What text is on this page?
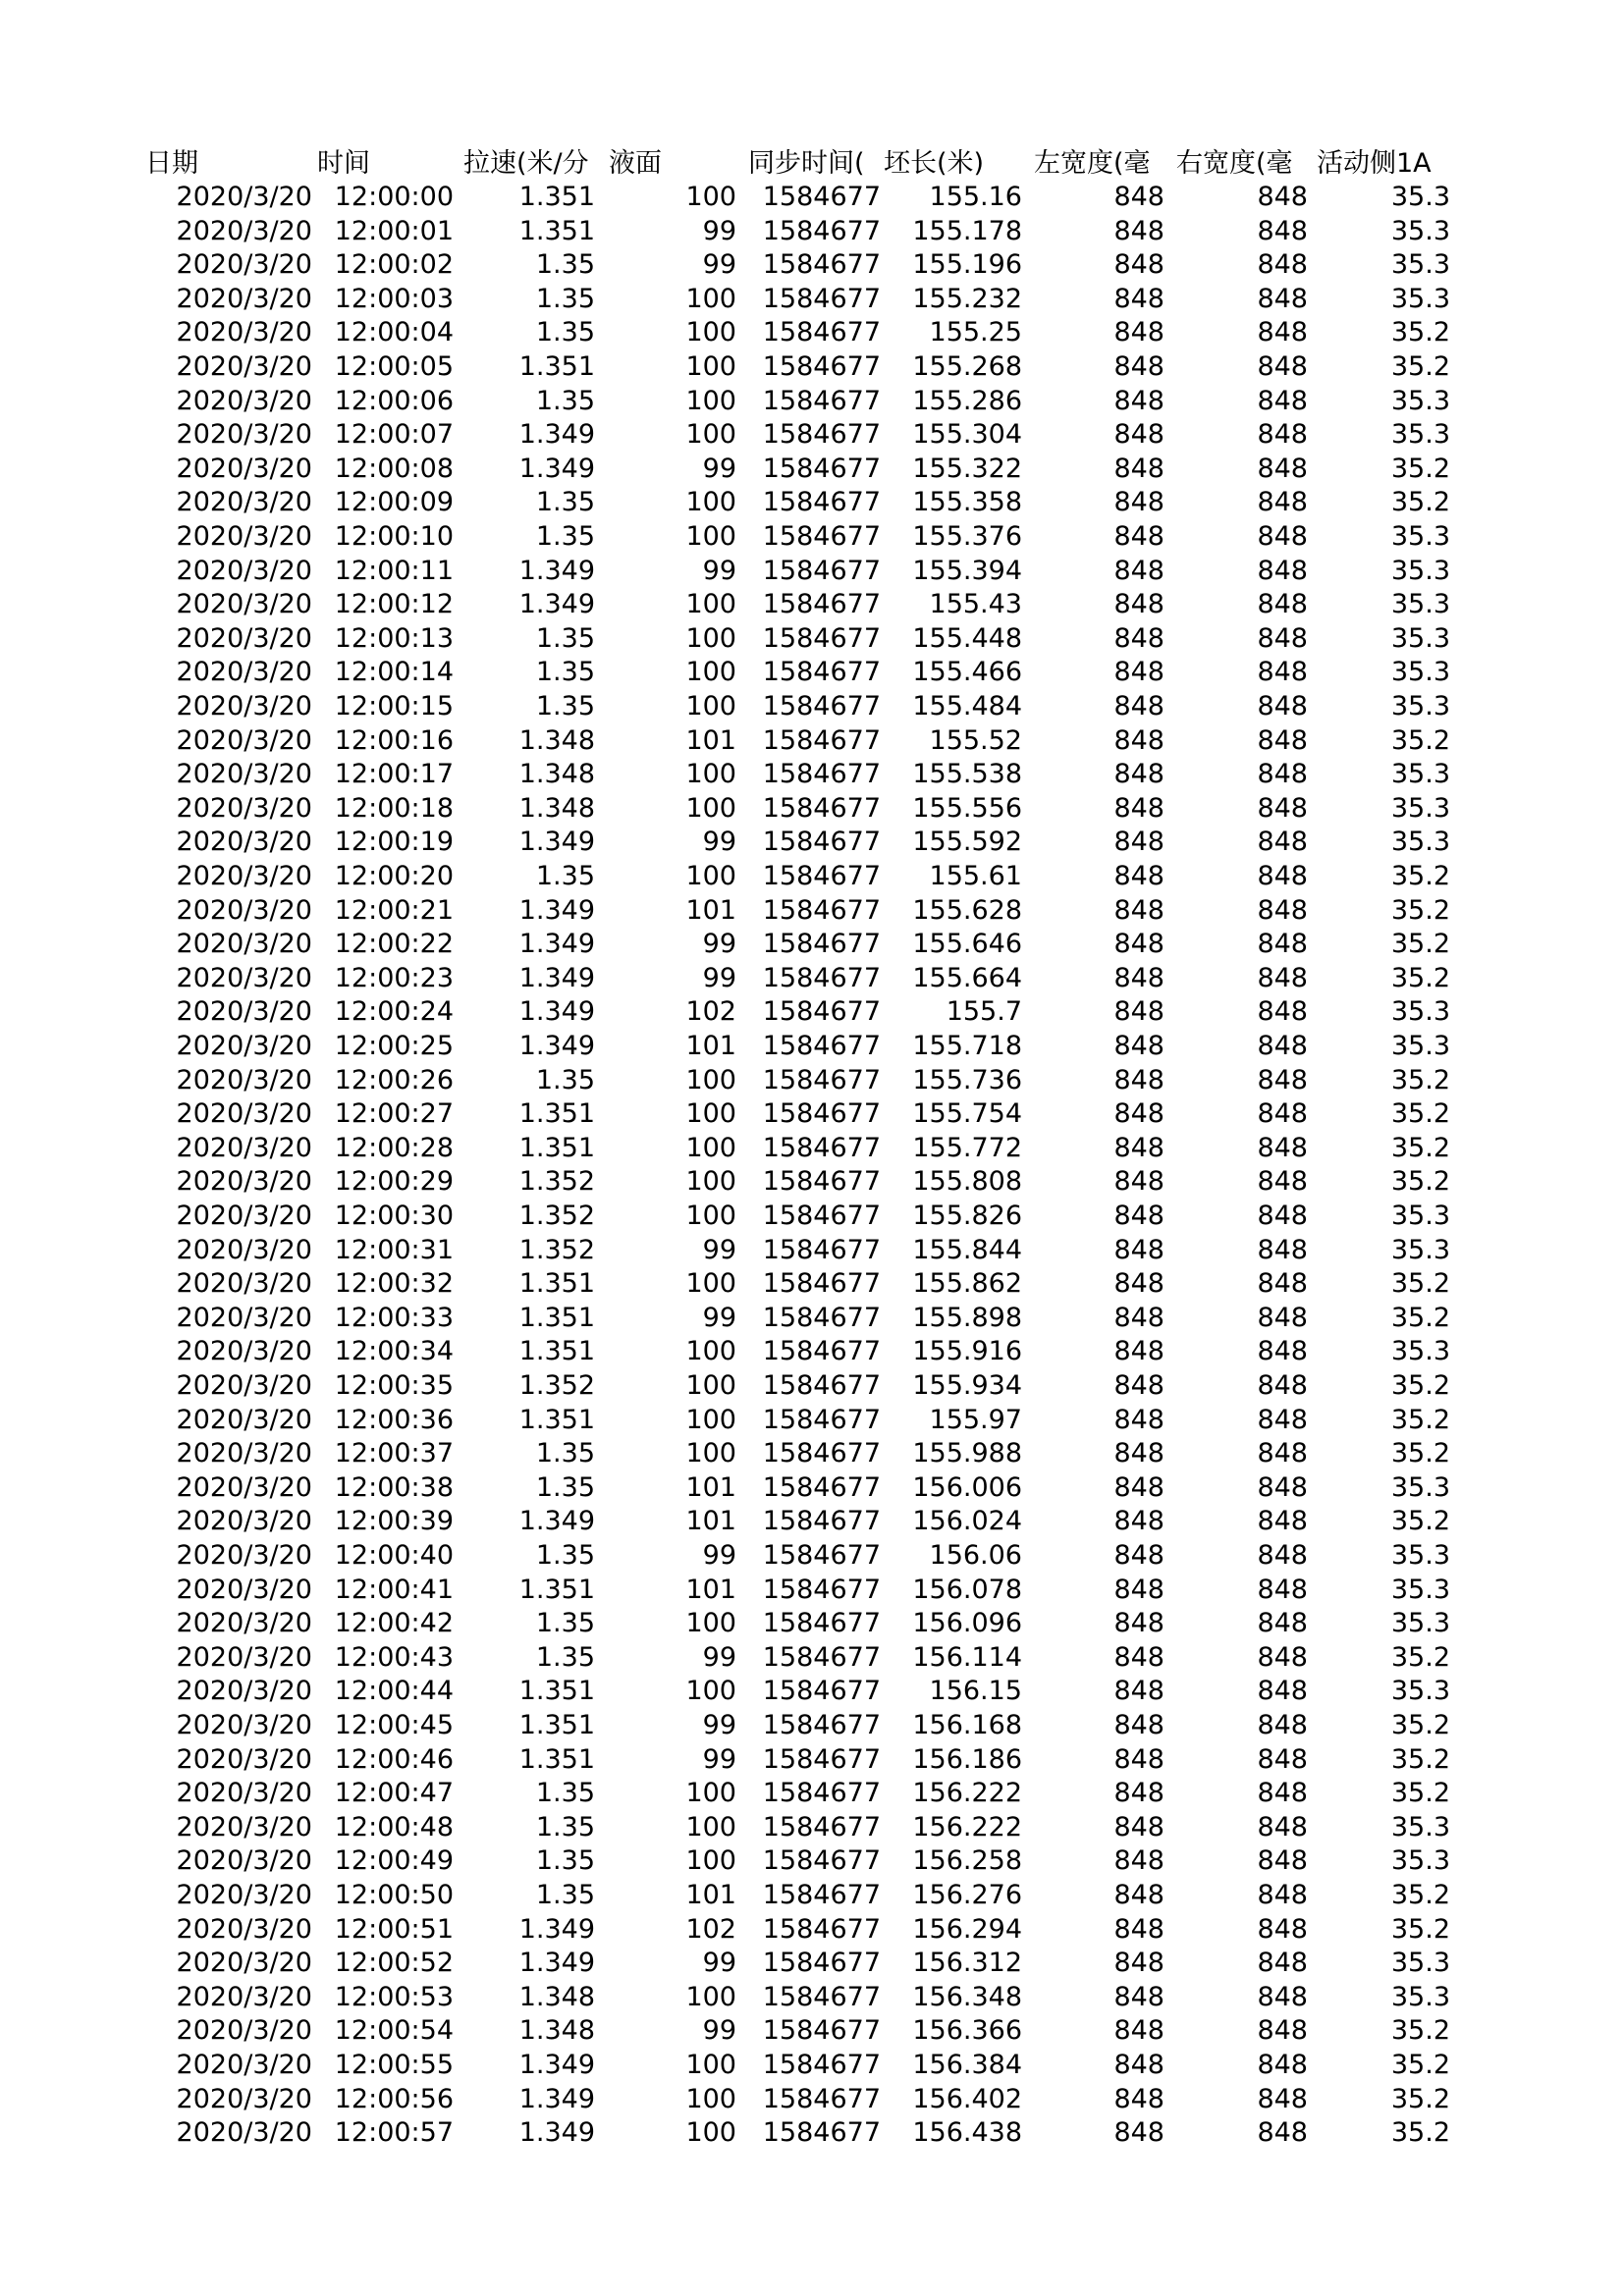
日期	时间	拉速(米/分 液面	同步时间( 坯长(米)	左宽度(毫 右宽度(毫 活动侧1A
2020/3/20 12:00:00	1.351	100 1584677	155.16	848	848	35.3
2020/3/20 12:00:01	1.351	99 1584677	155.178	848	848	35.3
2020/3/20 12:00:02	1.35	99 1584677	155.196	848	848	35.3
2020/3/20 12:00:03	1.35	100 1584677	155.232	848	848	35.3
2020/3/20 12:00:04	1.35	100 1584677	155.25	848	848	35.2
2020/3/20 12:00:05	1.351	100 1584677	155.268	848	848	35.2
2020/3/20 12:00:06	1.35	100 1584677	155.286	848	848	35.3
2020/3/20 12:00:07	1.349	100 1584677	155.304	848	848	35.3
2020/3/20 12:00:08	1.349	99 1584677	155.322	848	848	35.2
2020/3/20 12:00:09	1.35	100 1584677	155.358	848	848	35.2
2020/3/20 12:00:10	1.35	100 1584677	155.376	848	848	35.3
2020/3/20 12:00:11	1.349	99 1584677	155.394	848	848	35.3
2020/3/20 12:00:12	1.349	100 1584677	155.43	848	848	35.3
2020/3/20 12:00:13	1.35	100 1584677	155.448	848	848	35.3
2020/3/20 12:00:14	1.35	100 1584677	155.466	848	848	35.3
2020/3/20 12:00:15	1.35	100 1584677	155.484	848	848	35.3
2020/3/20 12:00:16	1.348	101 1584677	155.52	848	848	35.2
2020/3/20 12:00:17	1.348	100 1584677	155.538	848	848	35.3
2020/3/20 12:00:18	1.348	100 1584677	155.556	848	848	35.3
2020/3/20 12:00:19	1.349	99 1584677	155.592	848	848	35.3
2020/3/20 12:00:20	1.35	100 1584677	155.61	848	848	35.2
2020/3/20 12:00:21	1.349	101 1584677	155.628	848	848	35.2
2020/3/20 12:00:22	1.349	99 1584677	155.646	848	848	35.2
2020/3/20 12:00:23	1.349	99 1584677	155.664	848	848	35.2
2020/3/20 12:00:24	1.349	102 1584677	155.7	848	848	35.3
2020/3/20 12:00:25	1.349	101 1584677	155.718	848	848	35.3
2020/3/20 12:00:26	1.35	100 1584677	155.736	848	848	35.2
2020/3/20 12:00:27	1.351	100 1584677	155.754	848	848	35.2
2020/3/20 12:00:28	1.351	100 1584677	155.772	848	848	35.2
2020/3/20 12:00:29	1.352	100 1584677	155.808	848	848	35.2
2020/3/20 12:00:30	1.352	100 1584677	155.826	848	848	35.3
2020/3/20 12:00:31	1.352	99 1584677	155.844	848	848	35.3
2020/3/20 12:00:32	1.351	100 1584677	155.862	848	848	35.2
2020/3/20 12:00:33	1.351	99 1584677	155.898	848	848	35.2
2020/3/20 12:00:34	1.351	100 1584677	155.916	848	848	35.3
2020/3/20 12:00:35	1.352	100 1584677	155.934	848	848	35.2
2020/3/20 12:00:36	1.351	100 1584677	155.97	848	848	35.2
2020/3/20 12:00:37	1.35	100 1584677	155.988	848	848	35.2
2020/3/20 12:00:38	1.35	101 1584677	156.006	848	848	35.3
2020/3/20 12:00:39	1.349	101 1584677	156.024	848	848	35.2
2020/3/20 12:00:40	1.35	99 1584677	156.06	848	848	35.3
2020/3/20 12:00:41	1.351	101 1584677	156.078	848	848	35.3
2020/3/20 12:00:42	1.35	100 1584677	156.096	848	848	35.3
2020/3/20 12:00:43	1.35	99 1584677	156.114	848	848	35.2
2020/3/20 12:00:44	1.351	100 1584677	156.15	848	848	35.3
2020/3/20 12:00:45	1.351	99 1584677	156.168	848	848	35.2
2020/3/20 12:00:46	1.351	99 1584677	156.186	848	848	35.2
2020/3/20 12:00:47	1.35	100 1584677	156.222	848	848	35.2
2020/3/20 12:00:48	1.35	100 1584677	156.222	848	848	35.3
2020/3/20 12:00:49	1.35	100 1584677	156.258	848	848	35.3
2020/3/20 12:00:50	1.35	101 1584677	156.276	848	848	35.2
2020/3/20 12:00:51	1.349	102 1584677	156.294	848	848	35.2
2020/3/20 12:00:52	1.349	99 1584677	156.312	848	848	35.3
2020/3/20 12:00:53	1.348	100 1584677	156.348	848	848	35.3
2020/3/20 12:00:54	1.348	99 1584677	156.366	848	848	35.2
2020/3/20 12:00:55	1.349	100 1584677	156.384	848	848	35.2
2020/3/20 12:00:56	1.349	100 1584677	156.402	848	848	35.2
2020/3/20 12:00:57	1.349	100 1584677	156.438	848	848	35.2
